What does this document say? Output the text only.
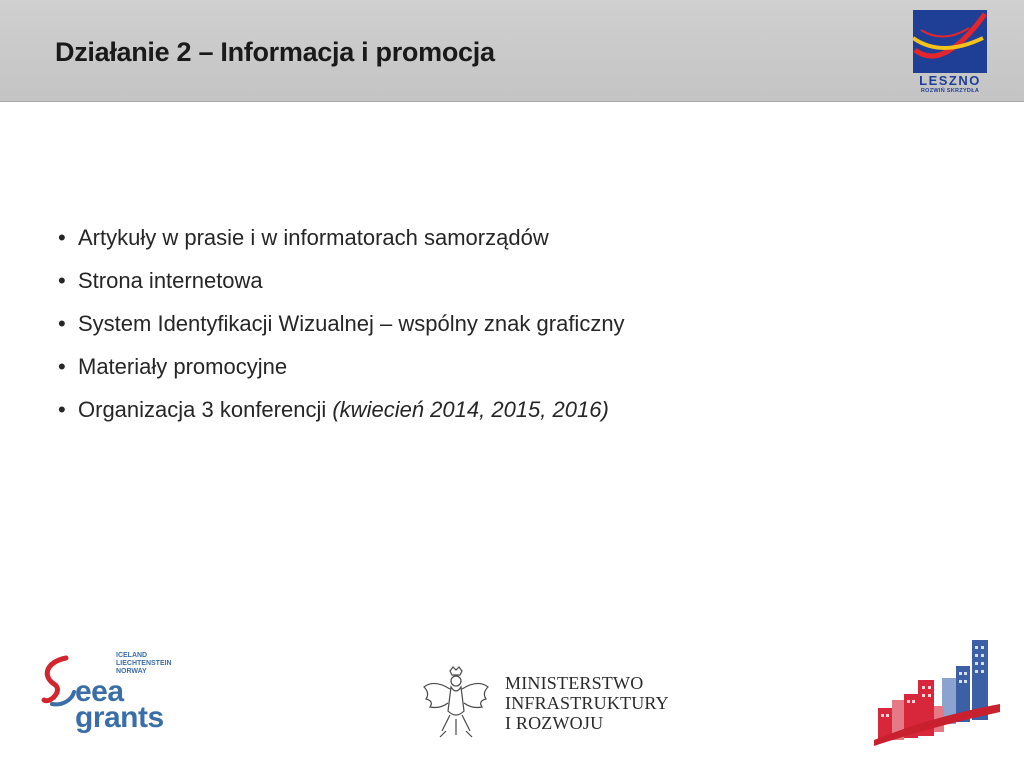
Działanie 2 – Informacja i promocja
LESZNO
ROZWIŃ SKRZYDŁA
• Artykuły w prasie i w informatorach samorządów
• Strona internetowa
• System Identyfikacji Wizualnej – wspólny znak graficzny
• Materiały promocyjne
• Organizacja 3 konferencji (kwiecień 2014, 2015, 2016)
ICELAND
LIECHTENSTEIN
NORWAY
eea
grants
MINISTERSTWO
INFRASTRUKTURY
I ROZWOJU
